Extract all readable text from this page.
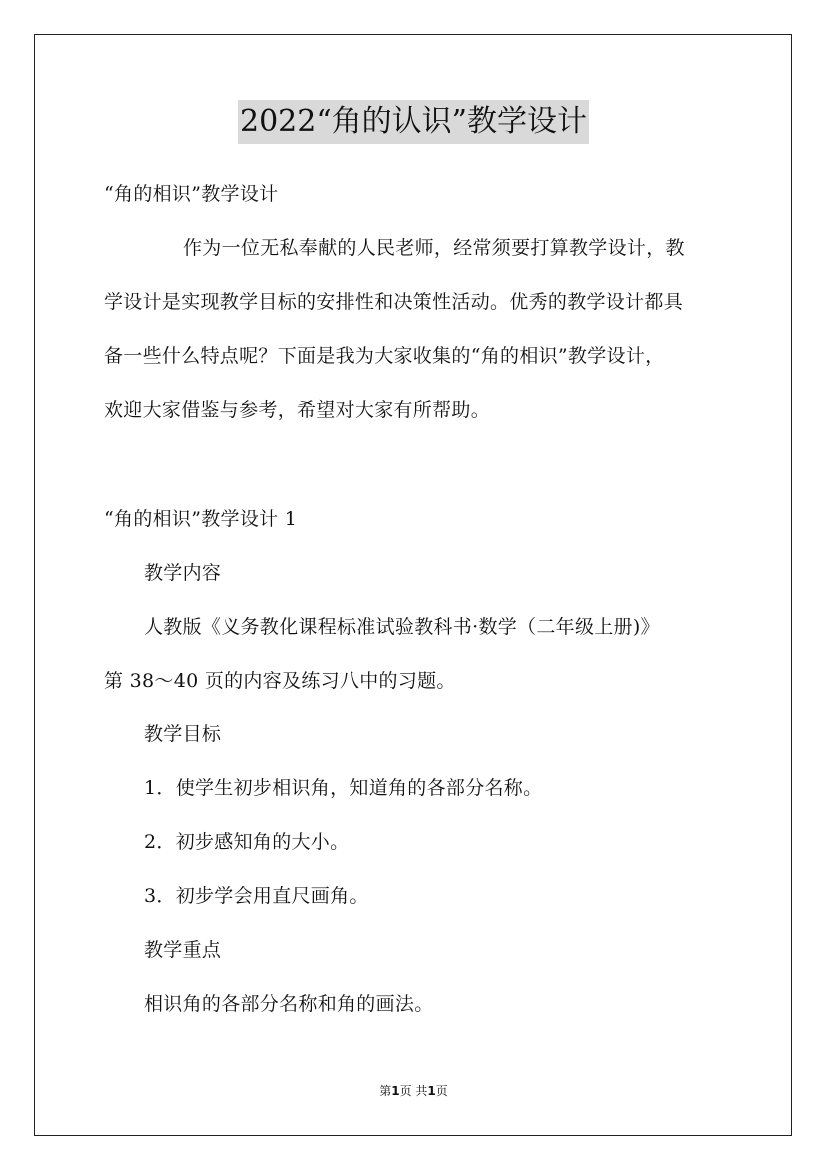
2022“角的认识”教学设计
“角的相识”教学设计
作为一位无私奉献的人民老师，经常须要打算教学设计，教
学设计是实现教学目标的安排性和决策性活动。优秀的教学设计都具
备一些什么特点呢？下面是我为大家收集的“角的相识”教学设计，
欢迎大家借鉴与参考，希望对大家有所帮助。
“角的相识”教学设计 1
教学内容
人教版《义务教化课程标准试验教科书·数学（二年级上册)》
第 38～40 页的内容及练习八中的习题。
教学目标
1．使学生初步相识角，知道角的各部分名称。
2．初步感知角的大小。
3．初步学会用直尺画角。
教学重点
相识角的各部分名称和角的画法。
第1页 共1页
